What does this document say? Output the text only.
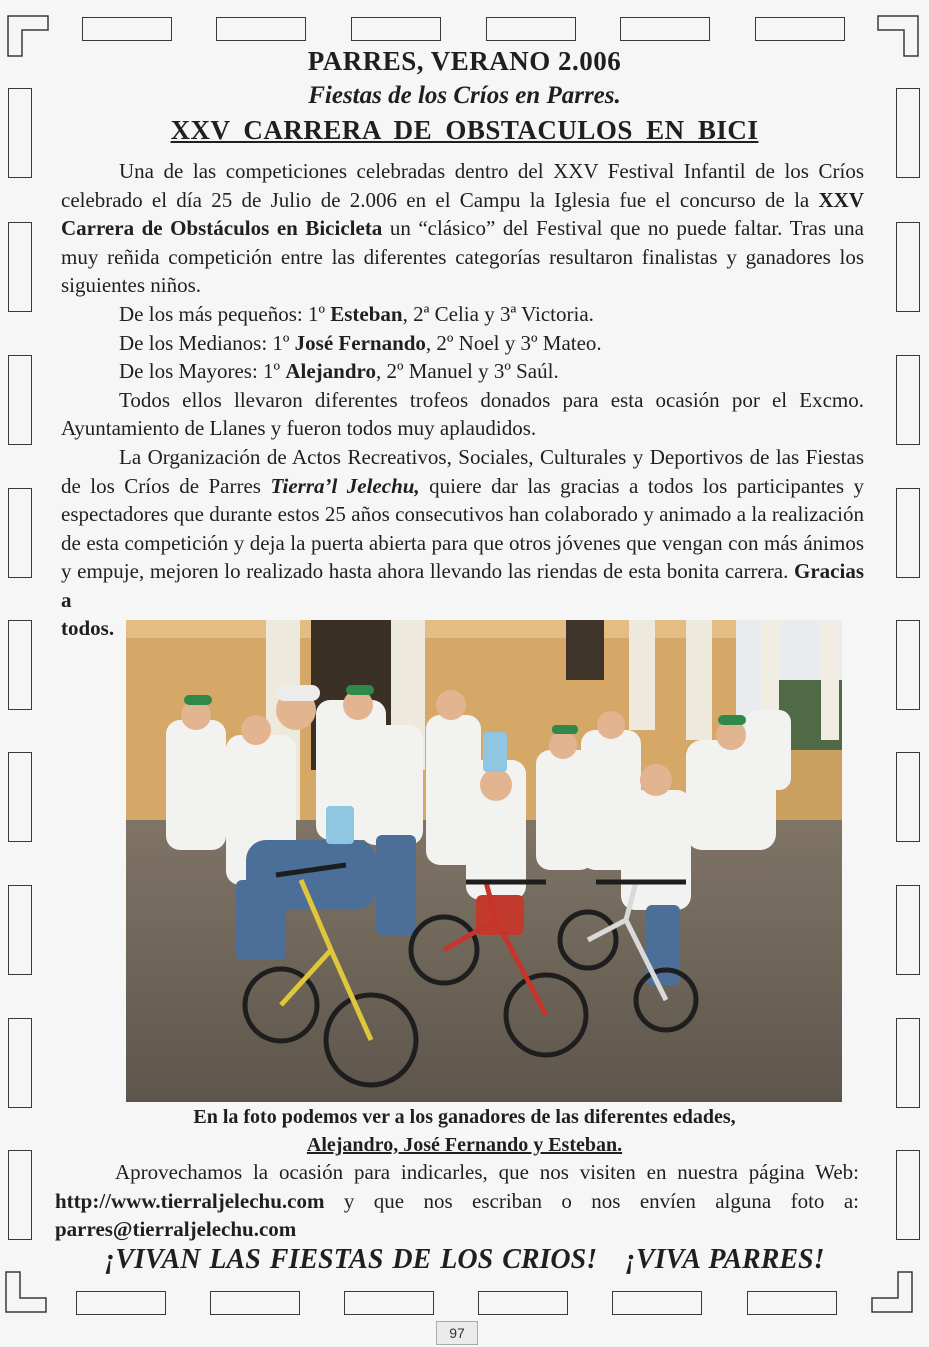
PARRES, VERANO 2.006
Fiestas de los Críos en Parres.
XXV CARRERA DE OBSTACULOS EN BICI

Una de las competiciones celebradas dentro del XXV Festival Infantil de los Críos celebrado el día 25 de Julio de 2.006 en el Campu la Iglesia fue el concurso de la XXV Carrera de Obstáculos en Bicicleta un “clásico” del Festival que no puede faltar. Tras una muy reñida competición entre las diferentes categorías resultaron finalistas y ganadores los siguientes niños.

De los más pequeños: 1º Esteban, 2ª Celia y 3ª Victoria.

De los Medianos: 1º José Fernando, 2º Noel y 3º Mateo.

De los Mayores: 1º Alejandro, 2º Manuel y 3º Saúl.

Todos ellos llevaron diferentes trofeos donados para esta ocasión por el Excmo. Ayuntamiento de Llanes y fueron todos muy aplaudidos.

La Organización de Actos Recreativos, Sociales, Culturales y Deportivos de las Fiestas de los Críos de Parres Tierra’l Jelechu, quiere dar las gracias a todos los participantes y espectadores que durante estos 25 años consecutivos han colaborado y animado a la realización de esta competición y deja la puerta abierta para que otros jóvenes que vengan con más ánimos y empuje, mejoren lo realizado hasta ahora llevando las riendas de esta bonita carrera. Gracias a

todos.
En la foto podemos ver a los ganadores de las diferentes edades,
Alejandro, José Fernando y Esteban.

Aprovechamos la ocasión para indicarles, que nos visiten en nuestra página Web: http://www.tierraljelechu.com y que nos escriban o nos envíen alguna foto a: parres@tierraljelechu.com

¡VIVAN LAS FIESTAS DE LOS CRIOS! ¡VIVA PARRES!
97
